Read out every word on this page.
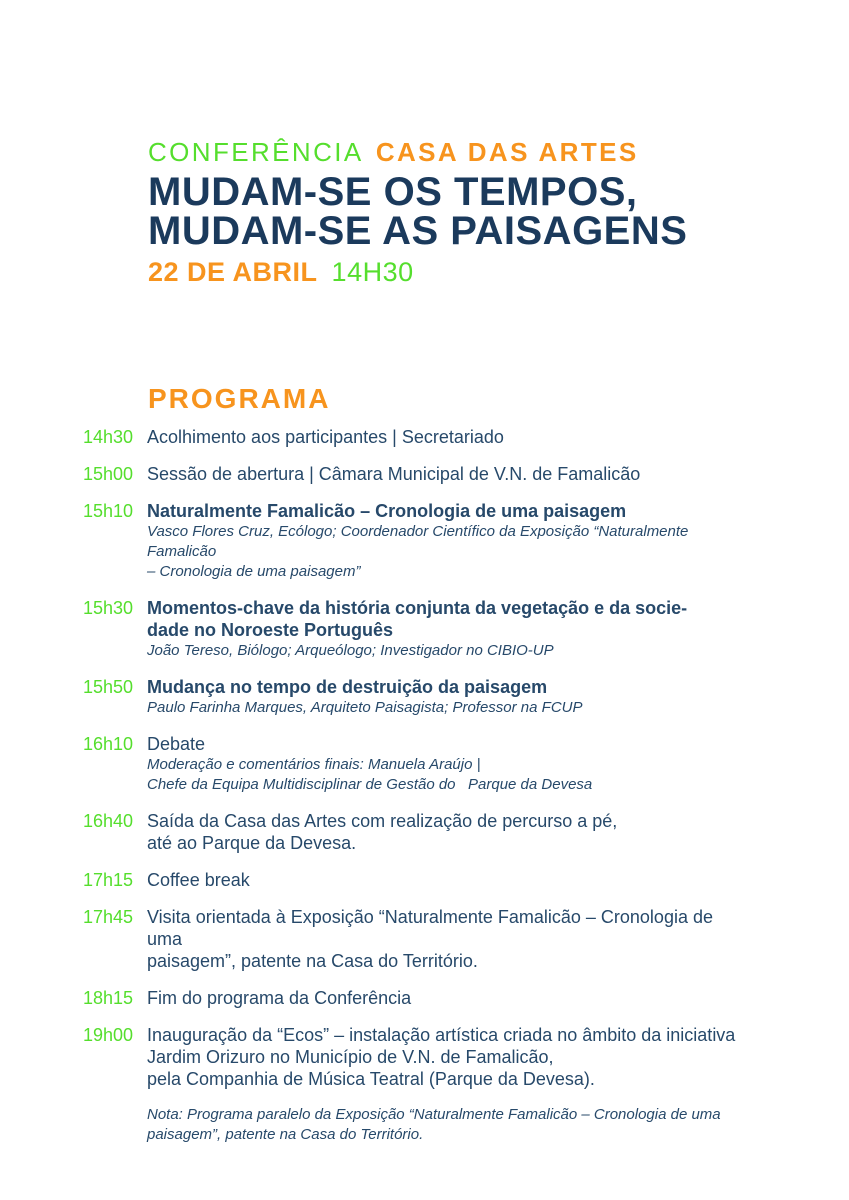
CONFERÊNCIA CASA DAS ARTES
MUDAM-SE OS TEMPOS,
MUDAM-SE AS PAISAGENS
22 DE ABRIL 14H30
PROGRAMA
14h30 Acolhimento aos participantes | Secretariado
15h00 Sessão de abertura | Câmara Municipal de V.N. de Famalicão
15h10 Naturalmente Famalicão – Cronologia de uma paisagem
Vasco Flores Cruz, Ecólogo; Coordenador Científico da Exposição “Naturalmente Famalicão
– Cronologia de uma paisagem”
15h30 Momentos-chave da história conjunta da vegetação e da socie-
dade no Noroeste Português
João Tereso, Biólogo; Arqueólogo; Investigador no CIBIO-UP
15h50 Mudança no tempo de destruição da paisagem
Paulo Farinha Marques, Arquiteto Paisagista; Professor na FCUP
16h10 Debate
Moderação e comentários finais: Manuela Araújo |
Chefe da Equipa Multidisciplinar de Gestão do   Parque da Devesa
16h40 Saída da Casa das Artes com realização de percurso a pé,
até ao Parque da Devesa.
17h15 Coffee break
17h45 Visita orientada à Exposição “Naturalmente Famalicão – Cronologia de uma
paisagem”, patente na Casa do Território.
18h15 Fim do programa da Conferência
19h00 Inauguração da “Ecos” – instalação artística criada no âmbito da iniciativa
Jardim Orizuro no Município de V.N. de Famalicão,
pela Companhia de Música Teatral (Parque da Devesa).
Nota: Programa paralelo da Exposição “Naturalmente Famalicão – Cronologia de uma
paisagem”, patente na Casa do Território.
